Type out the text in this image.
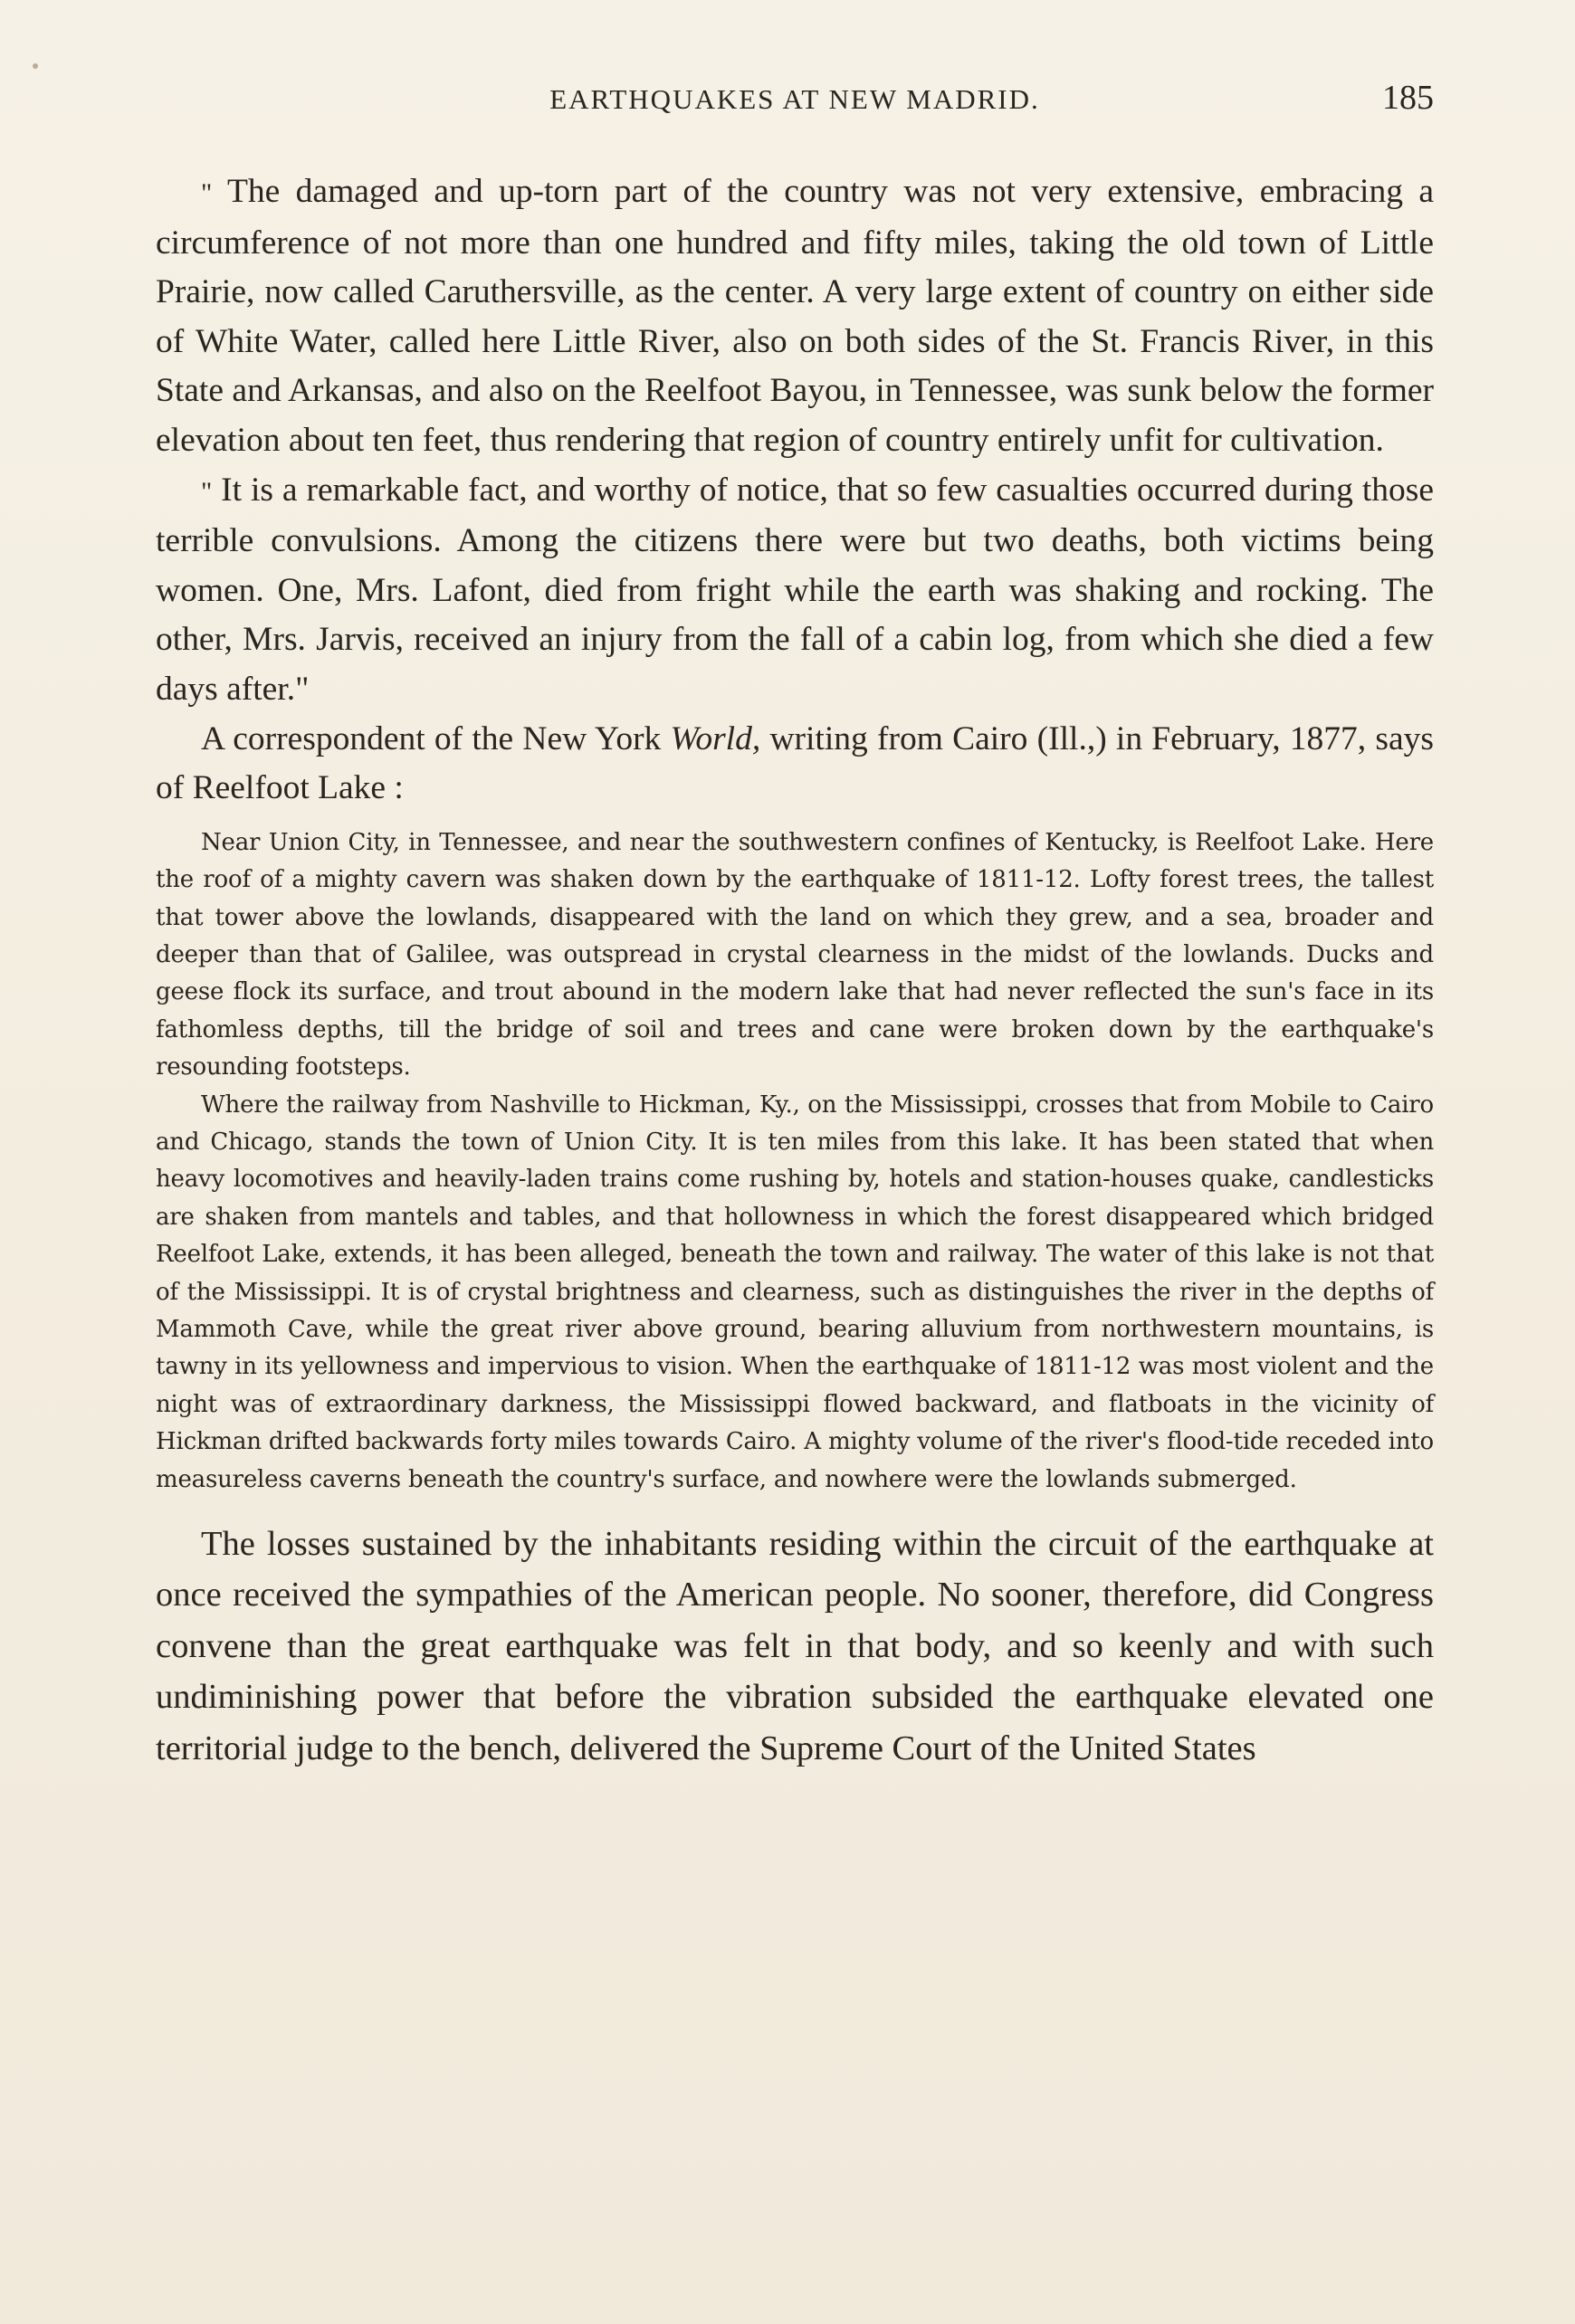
EARTHQUAKES AT NEW MADRID.	185

" The damaged and up-torn part of the country was not very extensive, embracing a circumference of not more than one hundred and fifty miles, taking the old town of Little Prairie, now called Caruthersville, as the center. A very large extent of country on either side of White Water, called here Little River, also on both sides of the St. Francis River, in this State and Arkansas, and also on the Reelfoot Bayou, in Tennessee, was sunk below the former elevation about ten feet, thus rendering that region of country entirely unfit for cultivation.

" It is a remarkable fact, and worthy of notice, that so few casualties occurred during those terrible convulsions. Among the citizens there were but two deaths, both victims being women. One, Mrs. Lafont, died from fright while the earth was shaking and rocking. The other, Mrs. Jarvis, received an injury from the fall of a cabin log, from which she died a few days after."

A correspondent of the New York World, writing from Cairo (Ill.,) in February, 1877, says of Reelfoot Lake :

Near Union City, in Tennessee, and near the southwestern confines of Kentucky, is Reelfoot Lake. Here the roof of a mighty cavern was shaken down by the earthquake of 1811-12. Lofty forest trees, the tallest that tower above the lowlands, disappeared with the land on which they grew, and a sea, broader and deeper than that of Galilee, was outspread in crystal clearness in the midst of the lowlands. Ducks and geese flock its surface, and trout abound in the modern lake that had never reflected the sun's face in its fathomless depths, till the bridge of soil and trees and cane were broken down by the earthquake's resounding footsteps.

Where the railway from Nashville to Hickman, Ky., on the Mississippi, crosses that from Mobile to Cairo and Chicago, stands the town of Union City. It is ten miles from this lake. It has been stated that when heavy locomotives and heavily-laden trains come rushing by, hotels and station-houses quake, candlesticks are shaken from mantels and tables, and that hollowness in which the forest disappeared which bridged Reelfoot Lake, extends, it has been alleged, beneath the town and railway. The water of this lake is not that of the Mississippi. It is of crystal brightness and clearness, such as distinguishes the river in the depths of Mammoth Cave, while the great river above ground, bearing alluvium from northwestern mountains, is tawny in its yellowness and impervious to vision. When the earthquake of 1811-12 was most violent and the night was of extraordinary darkness, the Mississippi flowed backward, and flatboats in the vicinity of Hickman drifted backwards forty miles towards Cairo. A mighty volume of the river's flood-tide receded into measureless caverns beneath the country's surface, and nowhere were the lowlands submerged.

The losses sustained by the inhabitants residing within the circuit of the earthquake at once received the sympathies of the American people. No sooner, therefore, did Congress convene than the great earthquake was felt in that body, and so keenly and with such undiminishing power that before the vibration subsided the earthquake elevated one territorial judge to the bench, delivered the Supreme Court of the United States
